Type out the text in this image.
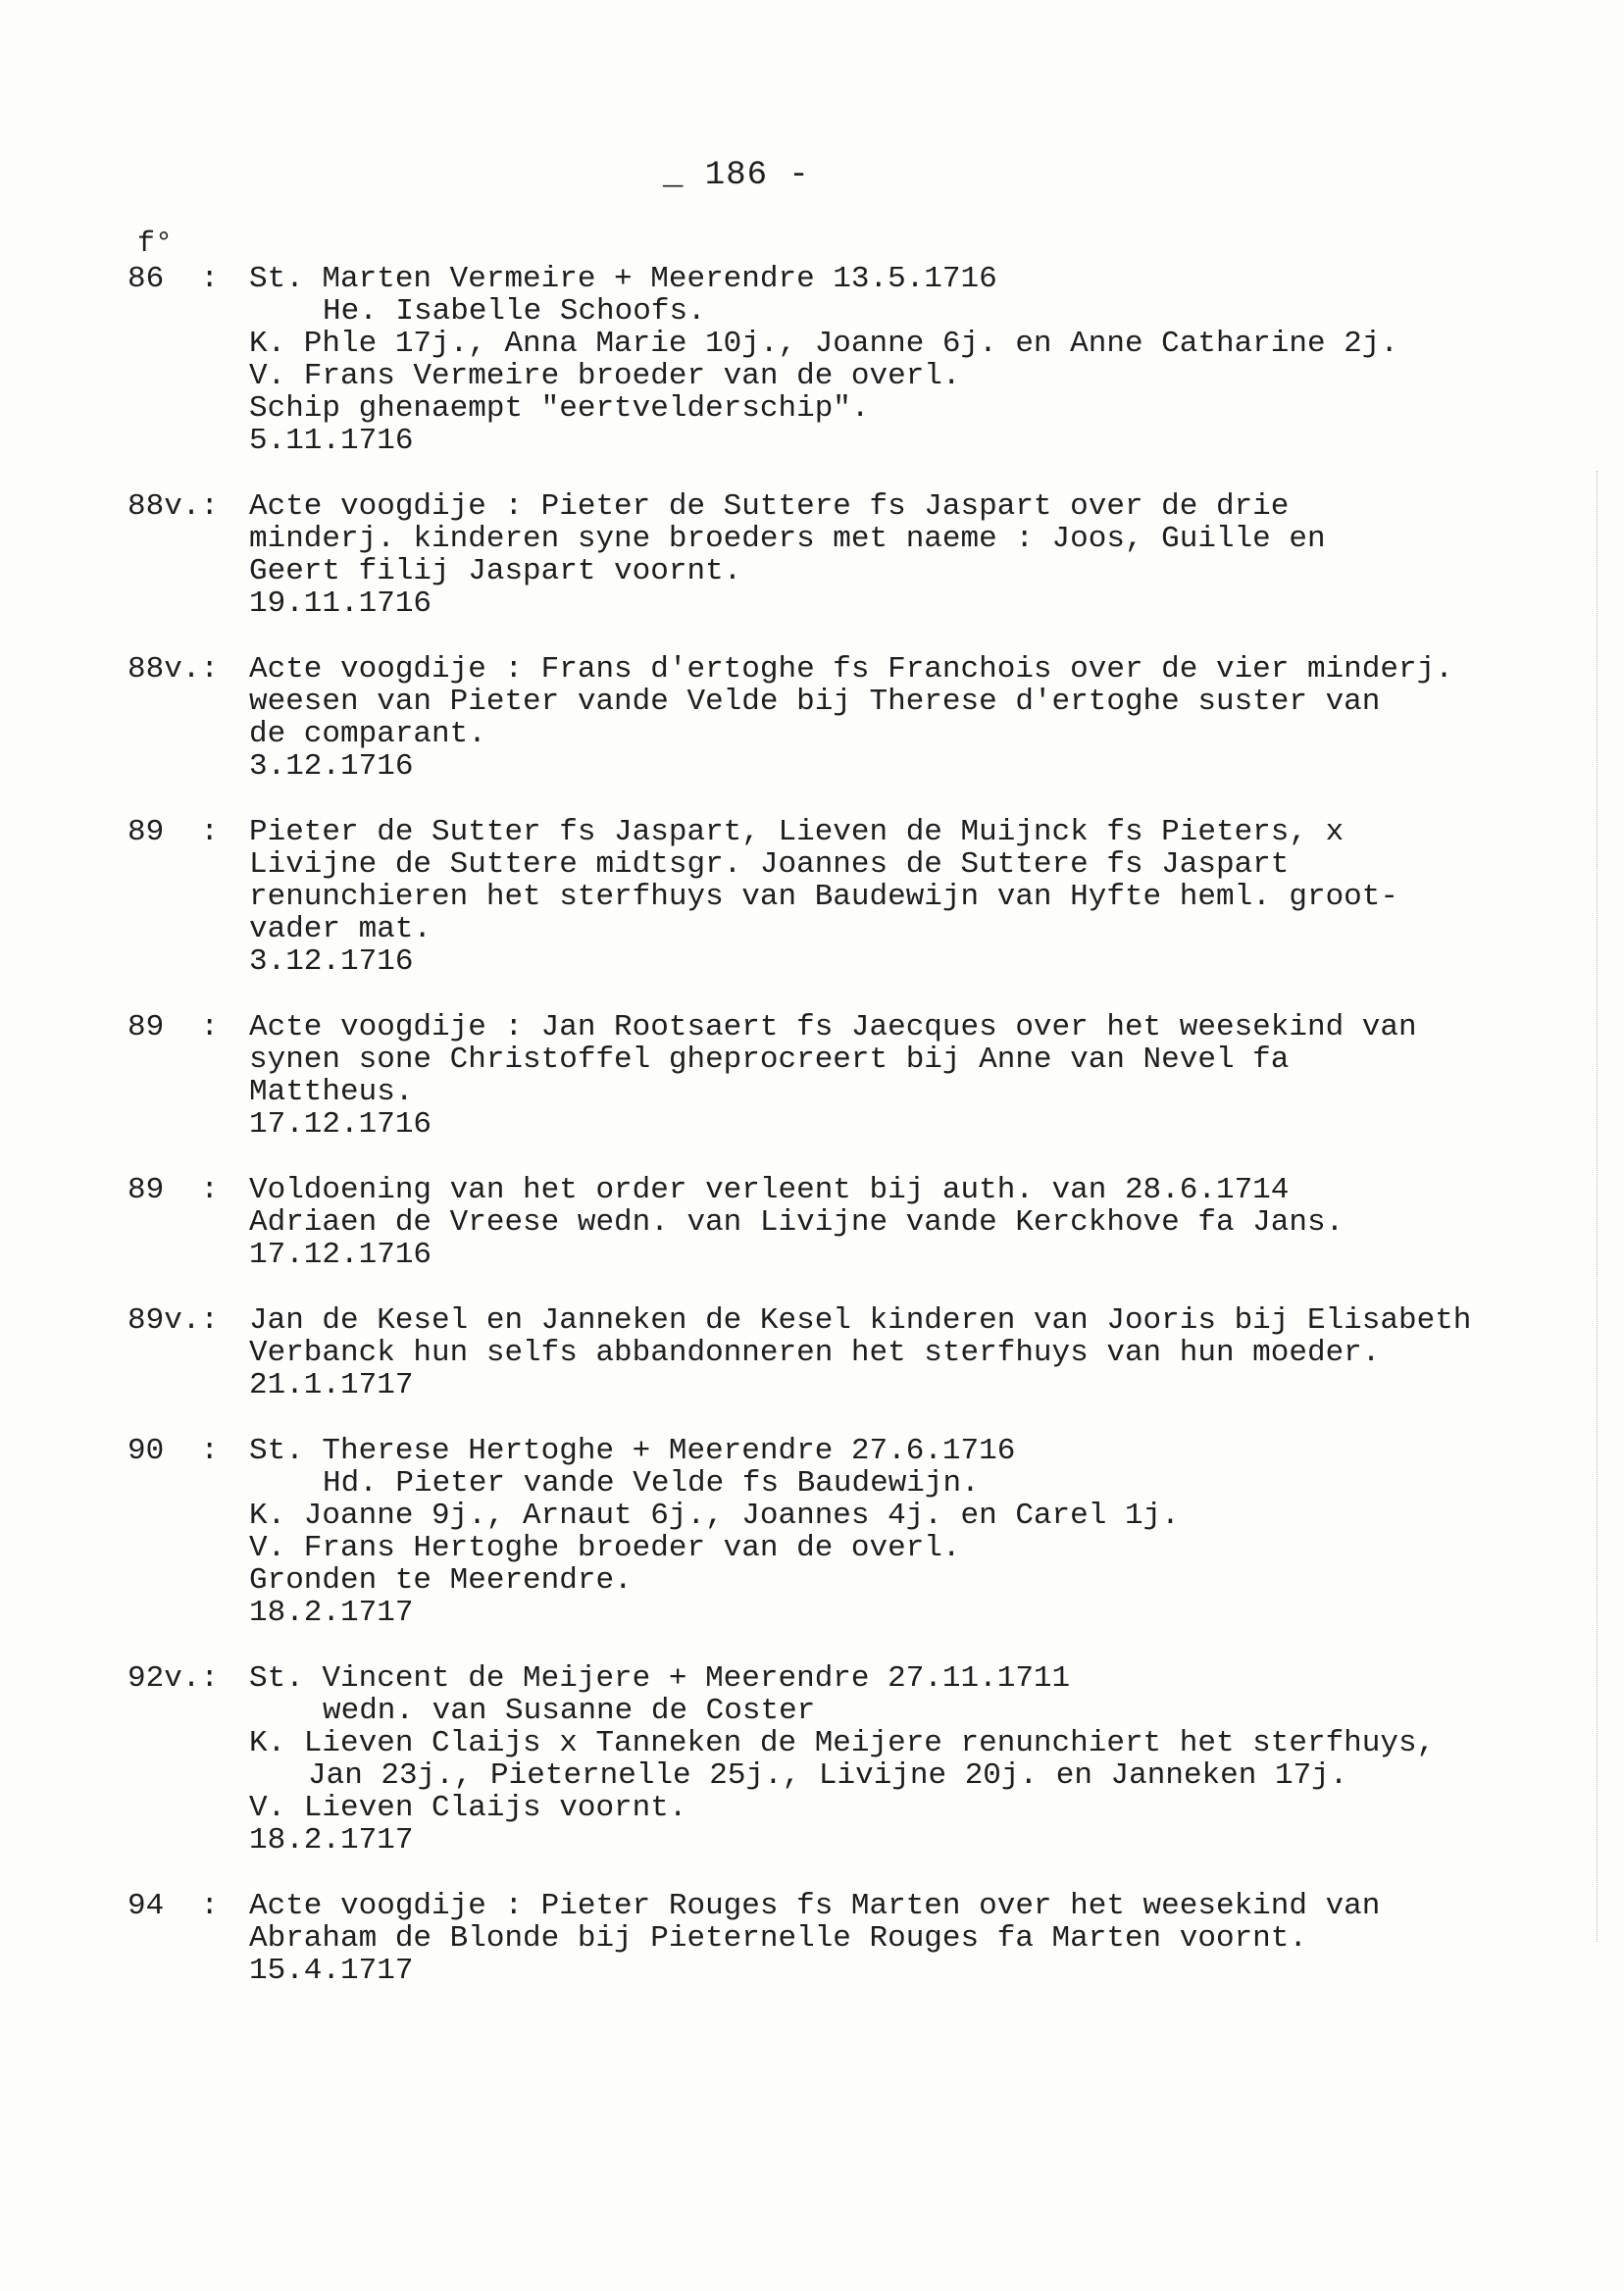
_ 186 -
f°
86  : St. Marten Vermeire + Meerendre 13.5.1716
He. Isabelle Schoofs.
K. Phle 17j., Anna Marie 10j., Joanne 6j. en Anne Catharine 2j.
V. Frans Vermeire broeder van de overl.
Schip ghenaempt "eertvelderschip".
5.11.1716
88v.: Acte voogdije : Pieter de Suttere fs Jaspart over de drie
minderj. kinderen syne broeders met naeme : Joos, Guille en
Geert filij Jaspart voornt.
19.11.1716
88v.: Acte voogdije : Frans d'ertoghe fs Franchois over de vier minderj.
weesen van Pieter vande Velde bij Therese d'ertoghe suster van
de comparant.
3.12.1716
89  : Pieter de Sutter fs Jaspart, Lieven de Muijnck fs Pieters, x
Livijne de Suttere midtsgr. Joannes de Suttere fs Jaspart
renunchieren het sterfhuys van Baudewijn van Hyfte heml. groot-
vader mat.
3.12.1716
89  : Acte voogdije : Jan Rootsaert fs Jaecques over het weesekind van
synen sone Christoffel gheprocreert bij Anne van Nevel fa
Mattheus.
17.12.1716
89  : Voldoening van het order verleent bij auth. van 28.6.1714
Adriaen de Vreese wedn. van Livijne vande Kerckhove fa Jans.
17.12.1716
89v.: Jan de Kesel en Janneken de Kesel kinderen van Jooris bij Elisabeth
Verbanck hun selfs abbandonneren het sterfhuys van hun moeder.
21.1.1717
90  : St. Therese Hertoghe + Meerendre 27.6.1716
Hd. Pieter vande Velde fs Baudewijn.
K. Joanne 9j., Arnaut 6j., Joannes 4j. en Carel 1j.
V. Frans Hertoghe broeder van de overl.
Gronden te Meerendre.
18.2.1717
92v.: St. Vincent de Meijere + Meerendre 27.11.1711
wedn. van Susanne de Coster
K. Lieven Claijs x Tanneken de Meijere renunchiert het sterfhuys,
Jan 23j., Pieternelle 25j., Livijne 20j. en Janneken 17j.
V. Lieven Claijs voornt.
18.2.1717
94  : Acte voogdije : Pieter Rouges fs Marten over het weesekind van
Abraham de Blonde bij Pieternelle Rouges fa Marten voornt.
15.4.1717
